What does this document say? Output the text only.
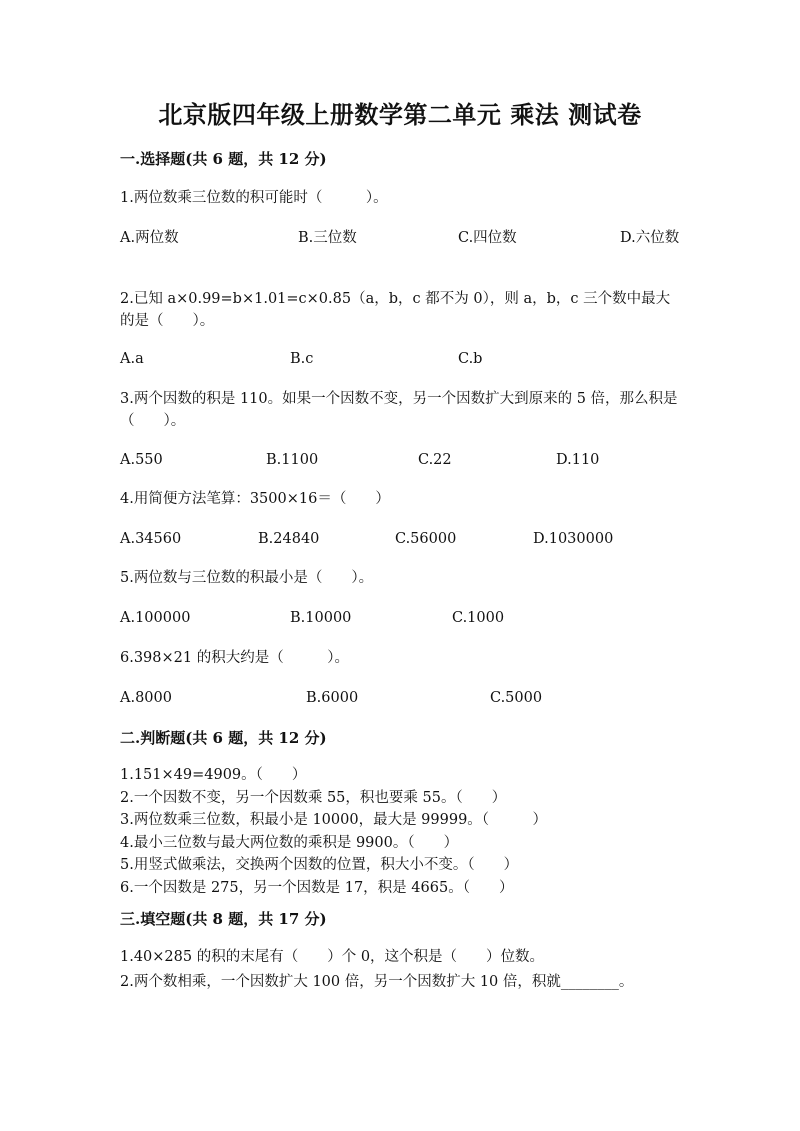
北京版四年级上册数学第二单元 乘法 测试卷
一.选择题(共 6 题，共 12 分)
1.两位数乘三位数的积可能时（　　　）。
A.两位数	B.三位数	C.四位数	D.六位数
2.已知 a×0.99=b×1.01=c×0.85（a，b，c 都不为 0），则 a，b，c 三个数中最大的是（　　）。
A.a	B.c	C.b
3.两个因数的积是 110。如果一个因数不变，另一个因数扩大到原来的 5 倍，那么积是（　　）。
A.550	B.1100	C.22	D.110
4.用简便方法笔算：3500×16＝（　　）
A.34560	B.24840	C.56000	D.1030000
5.两位数与三位数的积最小是（　　）。
A.100000	B.10000	C.1000
6.398×21 的积大约是（　　　）。
A.8000	B.6000	C.5000
二.判断题(共 6 题，共 12 分)
1.151×49=4909。（　　）
2.一个因数不变，另一个因数乘 55，积也要乘 55。（　　）
3.两位数乘三位数，积最小是 10000，最大是 99999。（　　　）
4.最小三位数与最大两位数的乘积是 9900。（　　）
5.用竖式做乘法，交换两个因数的位置，积大小不变。（　　）
6.一个因数是 275，另一个因数是 17，积是 4665。（　　）
三.填空题(共 8 题，共 17 分)
1.40×285 的积的末尾有（　　）个 0，这个积是（　　）位数。
2.两个数相乘，一个因数扩大 100 倍，另一个因数扩大 10 倍，积就________。
